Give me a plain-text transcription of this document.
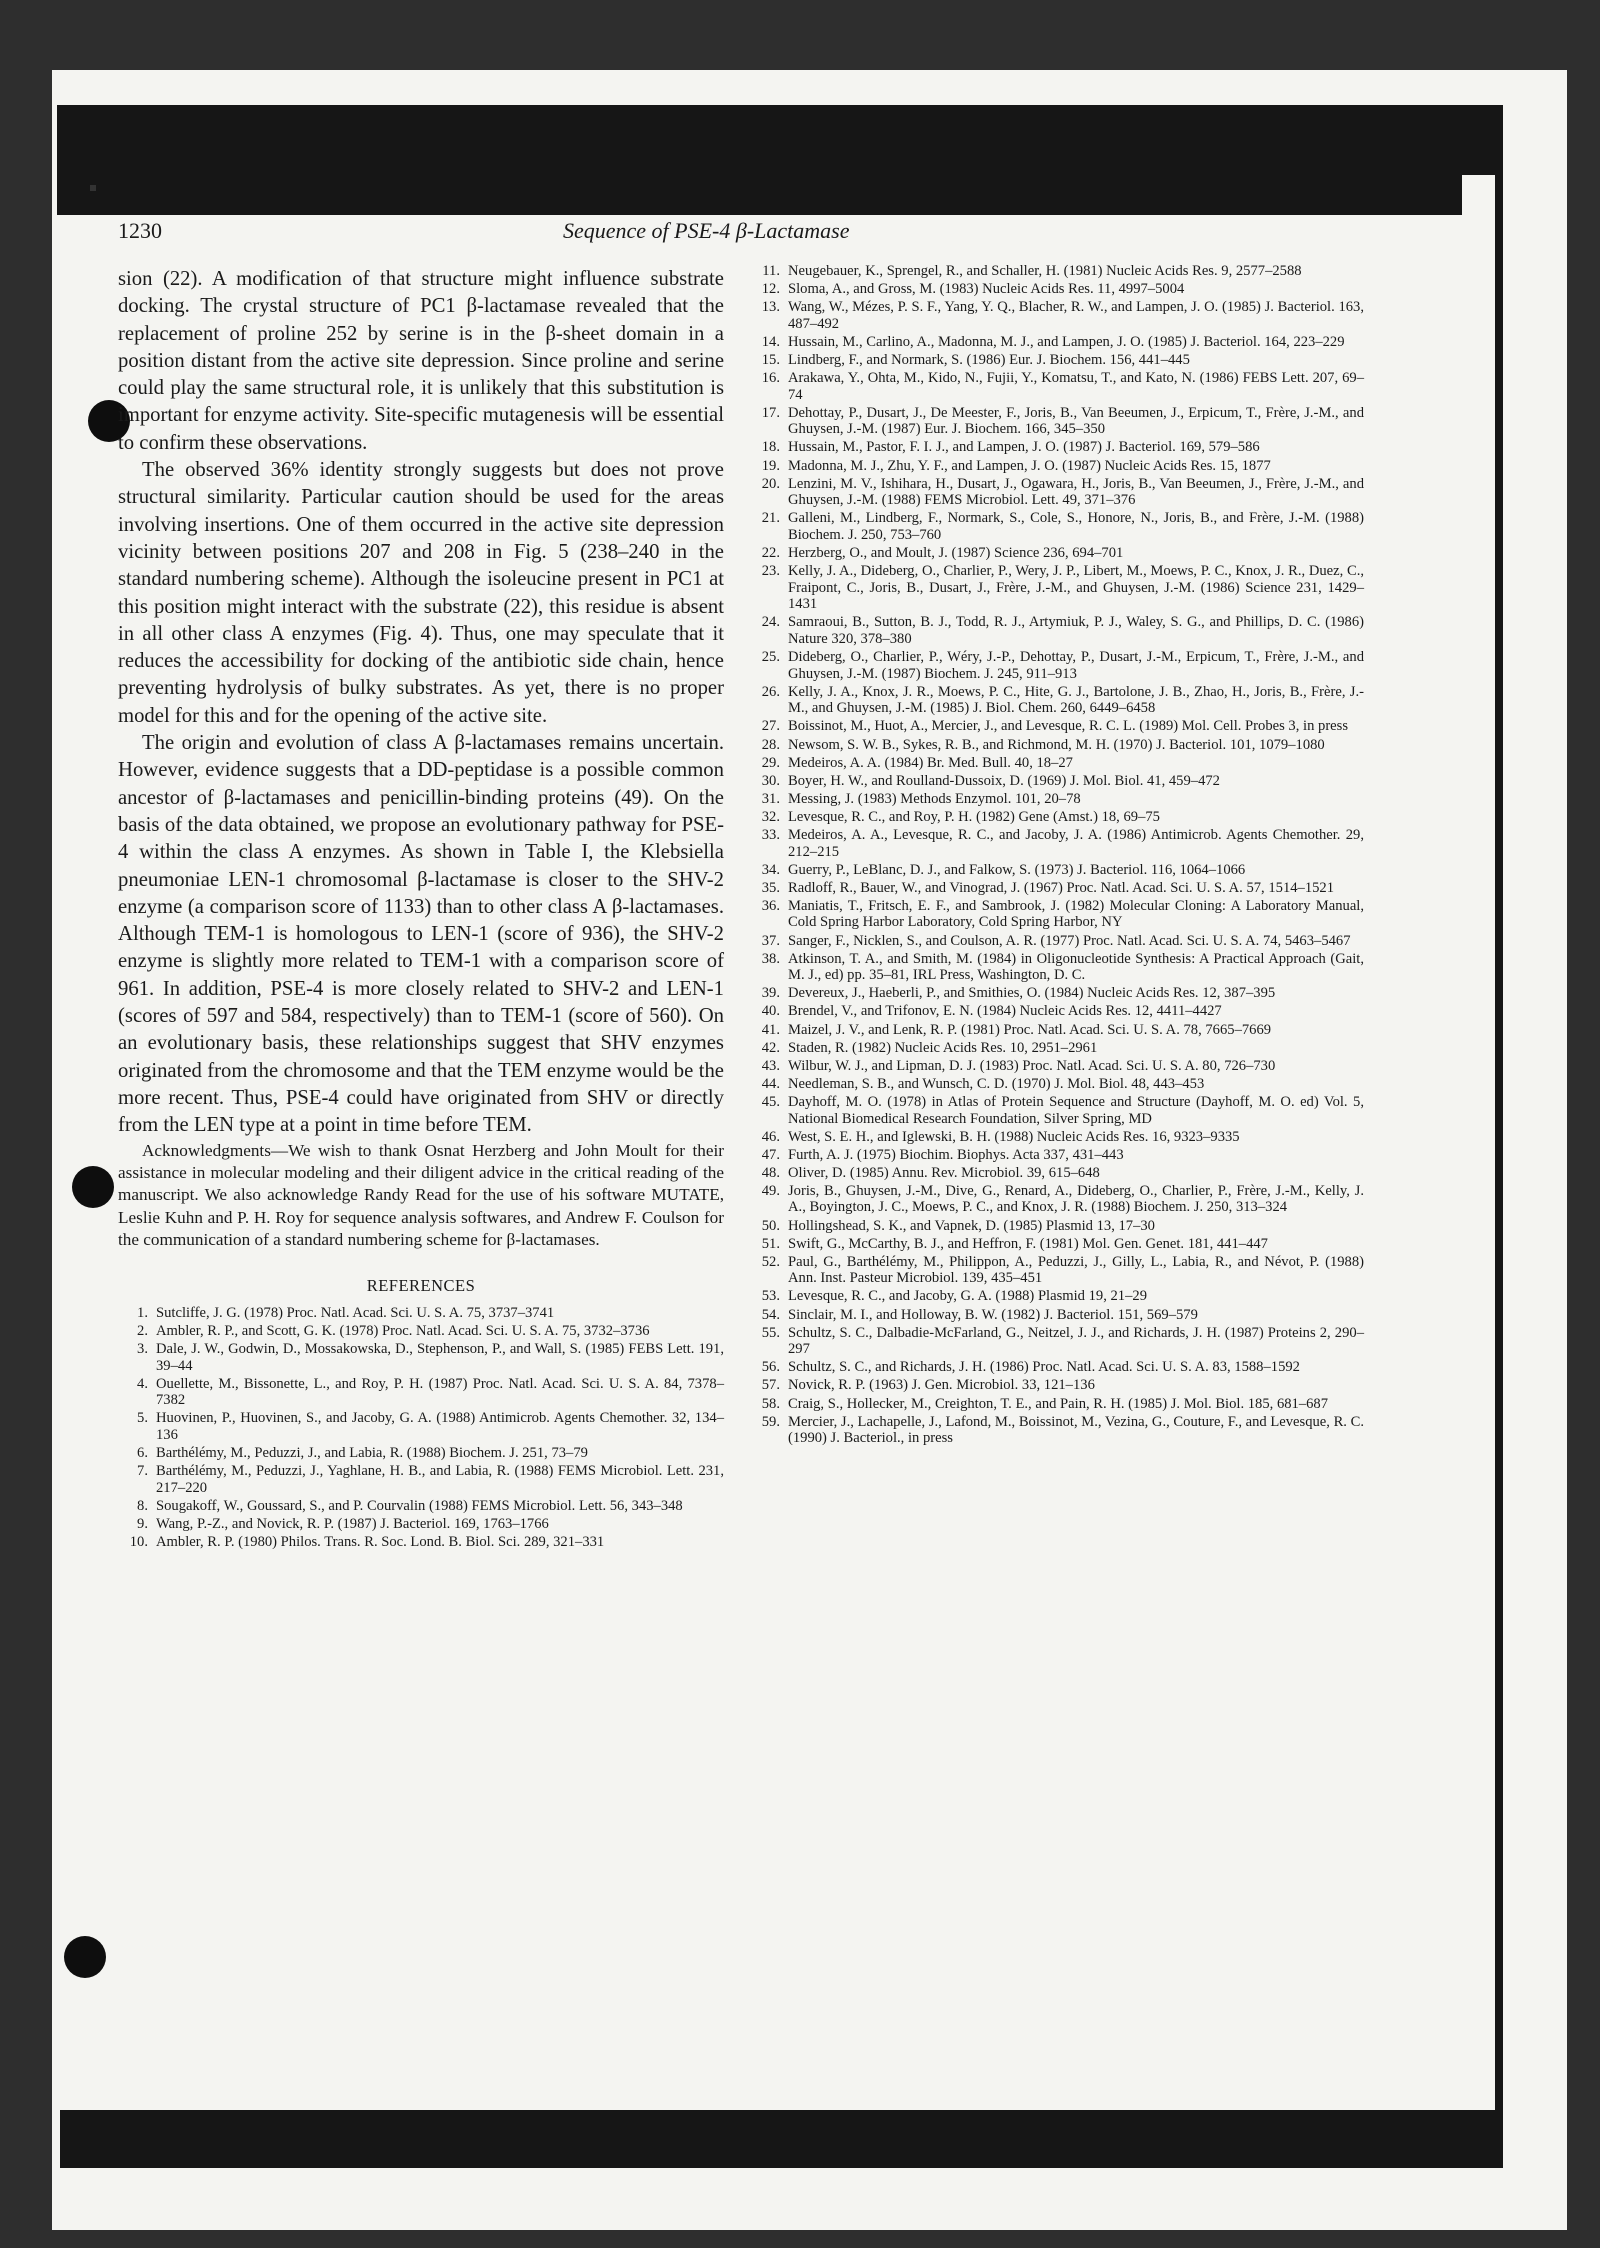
1230	Sequence of PSE-4 β-Lactamase

sion (22). A modification of that structure might influence substrate docking. The crystal structure of PC1 β-lactamase revealed that the replacement of proline 252 by serine is in the β-sheet domain in a position distant from the active site depression. Since proline and serine could play the same structural role, it is unlikely that this substitution is important for enzyme activity. Site-specific mutagenesis will be essential to confirm these observations.

The observed 36% identity strongly suggests but does not prove structural similarity. Particular caution should be used for the areas involving insertions. One of them occurred in the active site depression vicinity between positions 207 and 208 in Fig. 5 (238–240 in the standard numbering scheme). Although the isoleucine present in PC1 at this position might interact with the substrate (22), this residue is absent in all other class A enzymes (Fig. 4). Thus, one may speculate that it reduces the accessibility for docking of the antibiotic side chain, hence preventing hydrolysis of bulky substrates. As yet, there is no proper model for this and for the opening of the active site.

The origin and evolution of class A β-lactamases remains uncertain. However, evidence suggests that a DD-peptidase is a possible common ancestor of β-lactamases and penicillin-binding proteins (49). On the basis of the data obtained, we propose an evolutionary pathway for PSE-4 within the class A enzymes. As shown in Table I, the Klebsiella pneumoniae LEN-1 chromosomal β-lactamase is closer to the SHV-2 enzyme (a comparison score of 1133) than to other class A β-lactamases. Although TEM-1 is homologous to LEN-1 (score of 936), the SHV-2 enzyme is slightly more related to TEM-1 with a comparison score of 961. In addition, PSE-4 is more closely related to SHV-2 and LEN-1 (scores of 597 and 584, respectively) than to TEM-1 (score of 560). On an evolutionary basis, these relationships suggest that SHV enzymes originated from the chromosome and that the TEM enzyme would be the more recent. Thus, PSE-4 could have originated from SHV or directly from the LEN type at a point in time before TEM.

Acknowledgments—We wish to thank Osnat Herzberg and John Moult for their assistance in molecular modeling and their diligent advice in the critical reading of the manuscript. We also acknowledge Randy Read for the use of his software MUTATE, Leslie Kuhn and P. H. Roy for sequence analysis softwares, and Andrew F. Coulson for the communication of a standard numbering scheme for β-lactamases.

REFERENCES
1. Sutcliffe, J. G. (1978) Proc. Natl. Acad. Sci. U. S. A. 75, 3737–3741
2. Ambler, R. P., and Scott, G. K. (1978) Proc. Natl. Acad. Sci. U. S. A. 75, 3732–3736
3. Dale, J. W., Godwin, D., Mossakowska, D., Stephenson, P., and Wall, S. (1985) FEBS Lett. 191, 39–44
4. Ouellette, M., Bissonette, L., and Roy, P. H. (1987) Proc. Natl. Acad. Sci. U. S. A. 84, 7378–7382
5. Huovinen, P., Huovinen, S., and Jacoby, G. A. (1988) Antimicrob. Agents Chemother. 32, 134–136
6. Barthélémy, M., Peduzzi, J., and Labia, R. (1988) Biochem. J. 251, 73–79
7. Barthélémy, M., Peduzzi, J., Yaghlane, H. B., and Labia, R. (1988) FEMS Microbiol. Lett. 231, 217–220
8. Sougakoff, W., Goussard, S., and P. Courvalin (1988) FEMS Microbiol. Lett. 56, 343–348
9. Wang, P.-Z., and Novick, R. P. (1987) J. Bacteriol. 169, 1763–1766
10. Ambler, R. P. (1980) Philos. Trans. R. Soc. Lond. B. Biol. Sci. 289, 321–331
11. Neugebauer, K., Sprengel, R., and Schaller, H. (1981) Nucleic Acids Res. 9, 2577–2588
12. Sloma, A., and Gross, M. (1983) Nucleic Acids Res. 11, 4997–5004
13. Wang, W., Mézes, P. S. F., Yang, Y. Q., Blacher, R. W., and Lampen, J. O. (1985) J. Bacteriol. 163, 487–492
14. Hussain, M., Carlino, A., Madonna, M. J., and Lampen, J. O. (1985) J. Bacteriol. 164, 223–229
15. Lindberg, F., and Normark, S. (1986) Eur. J. Biochem. 156, 441–445
16. Arakawa, Y., Ohta, M., Kido, N., Fujii, Y., Komatsu, T., and Kato, N. (1986) FEBS Lett. 207, 69–74
17. Dehottay, P., Dusart, J., De Meester, F., Joris, B., Van Beeumen, J., Erpicum, T., Frère, J.-M., and Ghuysen, J.-M. (1987) Eur. J. Biochem. 166, 345–350
18. Hussain, M., Pastor, F. I. J., and Lampen, J. O. (1987) J. Bacteriol. 169, 579–586
19. Madonna, M. J., Zhu, Y. F., and Lampen, J. O. (1987) Nucleic Acids Res. 15, 1877
20. Lenzini, M. V., Ishihara, H., Dusart, J., Ogawara, H., Joris, B., Van Beeumen, J., Frère, J.-M., and Ghuysen, J.-M. (1988) FEMS Microbiol. Lett. 49, 371–376
21. Galleni, M., Lindberg, F., Normark, S., Cole, S., Honore, N., Joris, B., and Frère, J.-M. (1988) Biochem. J. 250, 753–760
22. Herzberg, O., and Moult, J. (1987) Science 236, 694–701
23. Kelly, J. A., Dideberg, O., Charlier, P., Wery, J. P., Libert, M., Moews, P. C., Knox, J. R., Duez, C., Fraipont, C., Joris, B., Dusart, J., Frère, J.-M., and Ghuysen, J.-M. (1986) Science 231, 1429–1431
24. Samraoui, B., Sutton, B. J., Todd, R. J., Artymiuk, P. J., Waley, S. G., and Phillips, D. C. (1986) Nature 320, 378–380
25. Dideberg, O., Charlier, P., Wéry, J.-P., Dehottay, P., Dusart, J.-M., Erpicum, T., Frère, J.-M., and Ghuysen, J.-M. (1987) Biochem. J. 245, 911–913
26. Kelly, J. A., Knox, J. R., Moews, P. C., Hite, G. J., Bartolone, J. B., Zhao, H., Joris, B., Frère, J.-M., and Ghuysen, J.-M. (1985) J. Biol. Chem. 260, 6449–6458
27. Boissinot, M., Huot, A., Mercier, J., and Levesque, R. C. L. (1989) Mol. Cell. Probes 3, in press
28. Newsom, S. W. B., Sykes, R. B., and Richmond, M. H. (1970) J. Bacteriol. 101, 1079–1080
29. Medeiros, A. A. (1984) Br. Med. Bull. 40, 18–27
30. Boyer, H. W., and Roulland-Dussoix, D. (1969) J. Mol. Biol. 41, 459–472
31. Messing, J. (1983) Methods Enzymol. 101, 20–78
32. Levesque, R. C., and Roy, P. H. (1982) Gene (Amst.) 18, 69–75
33. Medeiros, A. A., Levesque, R. C., and Jacoby, J. A. (1986) Antimicrob. Agents Chemother. 29, 212–215
34. Guerry, P., LeBlanc, D. J., and Falkow, S. (1973) J. Bacteriol. 116, 1064–1066
35. Radloff, R., Bauer, W., and Vinograd, J. (1967) Proc. Natl. Acad. Sci. U. S. A. 57, 1514–1521
36. Maniatis, T., Fritsch, E. F., and Sambrook, J. (1982) Molecular Cloning: A Laboratory Manual, Cold Spring Harbor Laboratory, Cold Spring Harbor, NY
37. Sanger, F., Nicklen, S., and Coulson, A. R. (1977) Proc. Natl. Acad. Sci. U. S. A. 74, 5463–5467
38. Atkinson, T. A., and Smith, M. (1984) in Oligonucleotide Synthesis: A Practical Approach (Gait, M. J., ed) pp. 35–81, IRL Press, Washington, D. C.
39. Devereux, J., Haeberli, P., and Smithies, O. (1984) Nucleic Acids Res. 12, 387–395
40. Brendel, V., and Trifonov, E. N. (1984) Nucleic Acids Res. 12, 4411–4427
41. Maizel, J. V., and Lenk, R. P. (1981) Proc. Natl. Acad. Sci. U. S. A. 78, 7665–7669
42. Staden, R. (1982) Nucleic Acids Res. 10, 2951–2961
43. Wilbur, W. J., and Lipman, D. J. (1983) Proc. Natl. Acad. Sci. U. S. A. 80, 726–730
44. Needleman, S. B., and Wunsch, C. D. (1970) J. Mol. Biol. 48, 443–453
45. Dayhoff, M. O. (1978) in Atlas of Protein Sequence and Structure (Dayhoff, M. O. ed) Vol. 5, National Biomedical Research Foundation, Silver Spring, MD
46. West, S. E. H., and Iglewski, B. H. (1988) Nucleic Acids Res. 16, 9323–9335
47. Furth, A. J. (1975) Biochim. Biophys. Acta 337, 431–443
48. Oliver, D. (1985) Annu. Rev. Microbiol. 39, 615–648
49. Joris, B., Ghuysen, J.-M., Dive, G., Renard, A., Dideberg, O., Charlier, P., Frère, J.-M., Kelly, J. A., Boyington, J. C., Moews, P. C., and Knox, J. R. (1988) Biochem. J. 250, 313–324
50. Hollingshead, S. K., and Vapnek, D. (1985) Plasmid 13, 17–30
51. Swift, G., McCarthy, B. J., and Heffron, F. (1981) Mol. Gen. Genet. 181, 441–447
52. Paul, G., Barthélémy, M., Philippon, A., Peduzzi, J., Gilly, L., Labia, R., and Névot, P. (1988) Ann. Inst. Pasteur Microbiol. 139, 435–451
53. Levesque, R. C., and Jacoby, G. A. (1988) Plasmid 19, 21–29
54. Sinclair, M. I., and Holloway, B. W. (1982) J. Bacteriol. 151, 569–579
55. Schultz, S. C., Dalbadie-McFarland, G., Neitzel, J. J., and Richards, J. H. (1987) Proteins 2, 290–297
56. Schultz, S. C., and Richards, J. H. (1986) Proc. Natl. Acad. Sci. U. S. A. 83, 1588–1592
57. Novick, R. P. (1963) J. Gen. Microbiol. 33, 121–136
58. Craig, S., Hollecker, M., Creighton, T. E., and Pain, R. H. (1985) J. Mol. Biol. 185, 681–687
59. Mercier, J., Lachapelle, J., Lafond, M., Boissinot, M., Vezina, G., Couture, F., and Levesque, R. C. (1990) J. Bacteriol., in press
